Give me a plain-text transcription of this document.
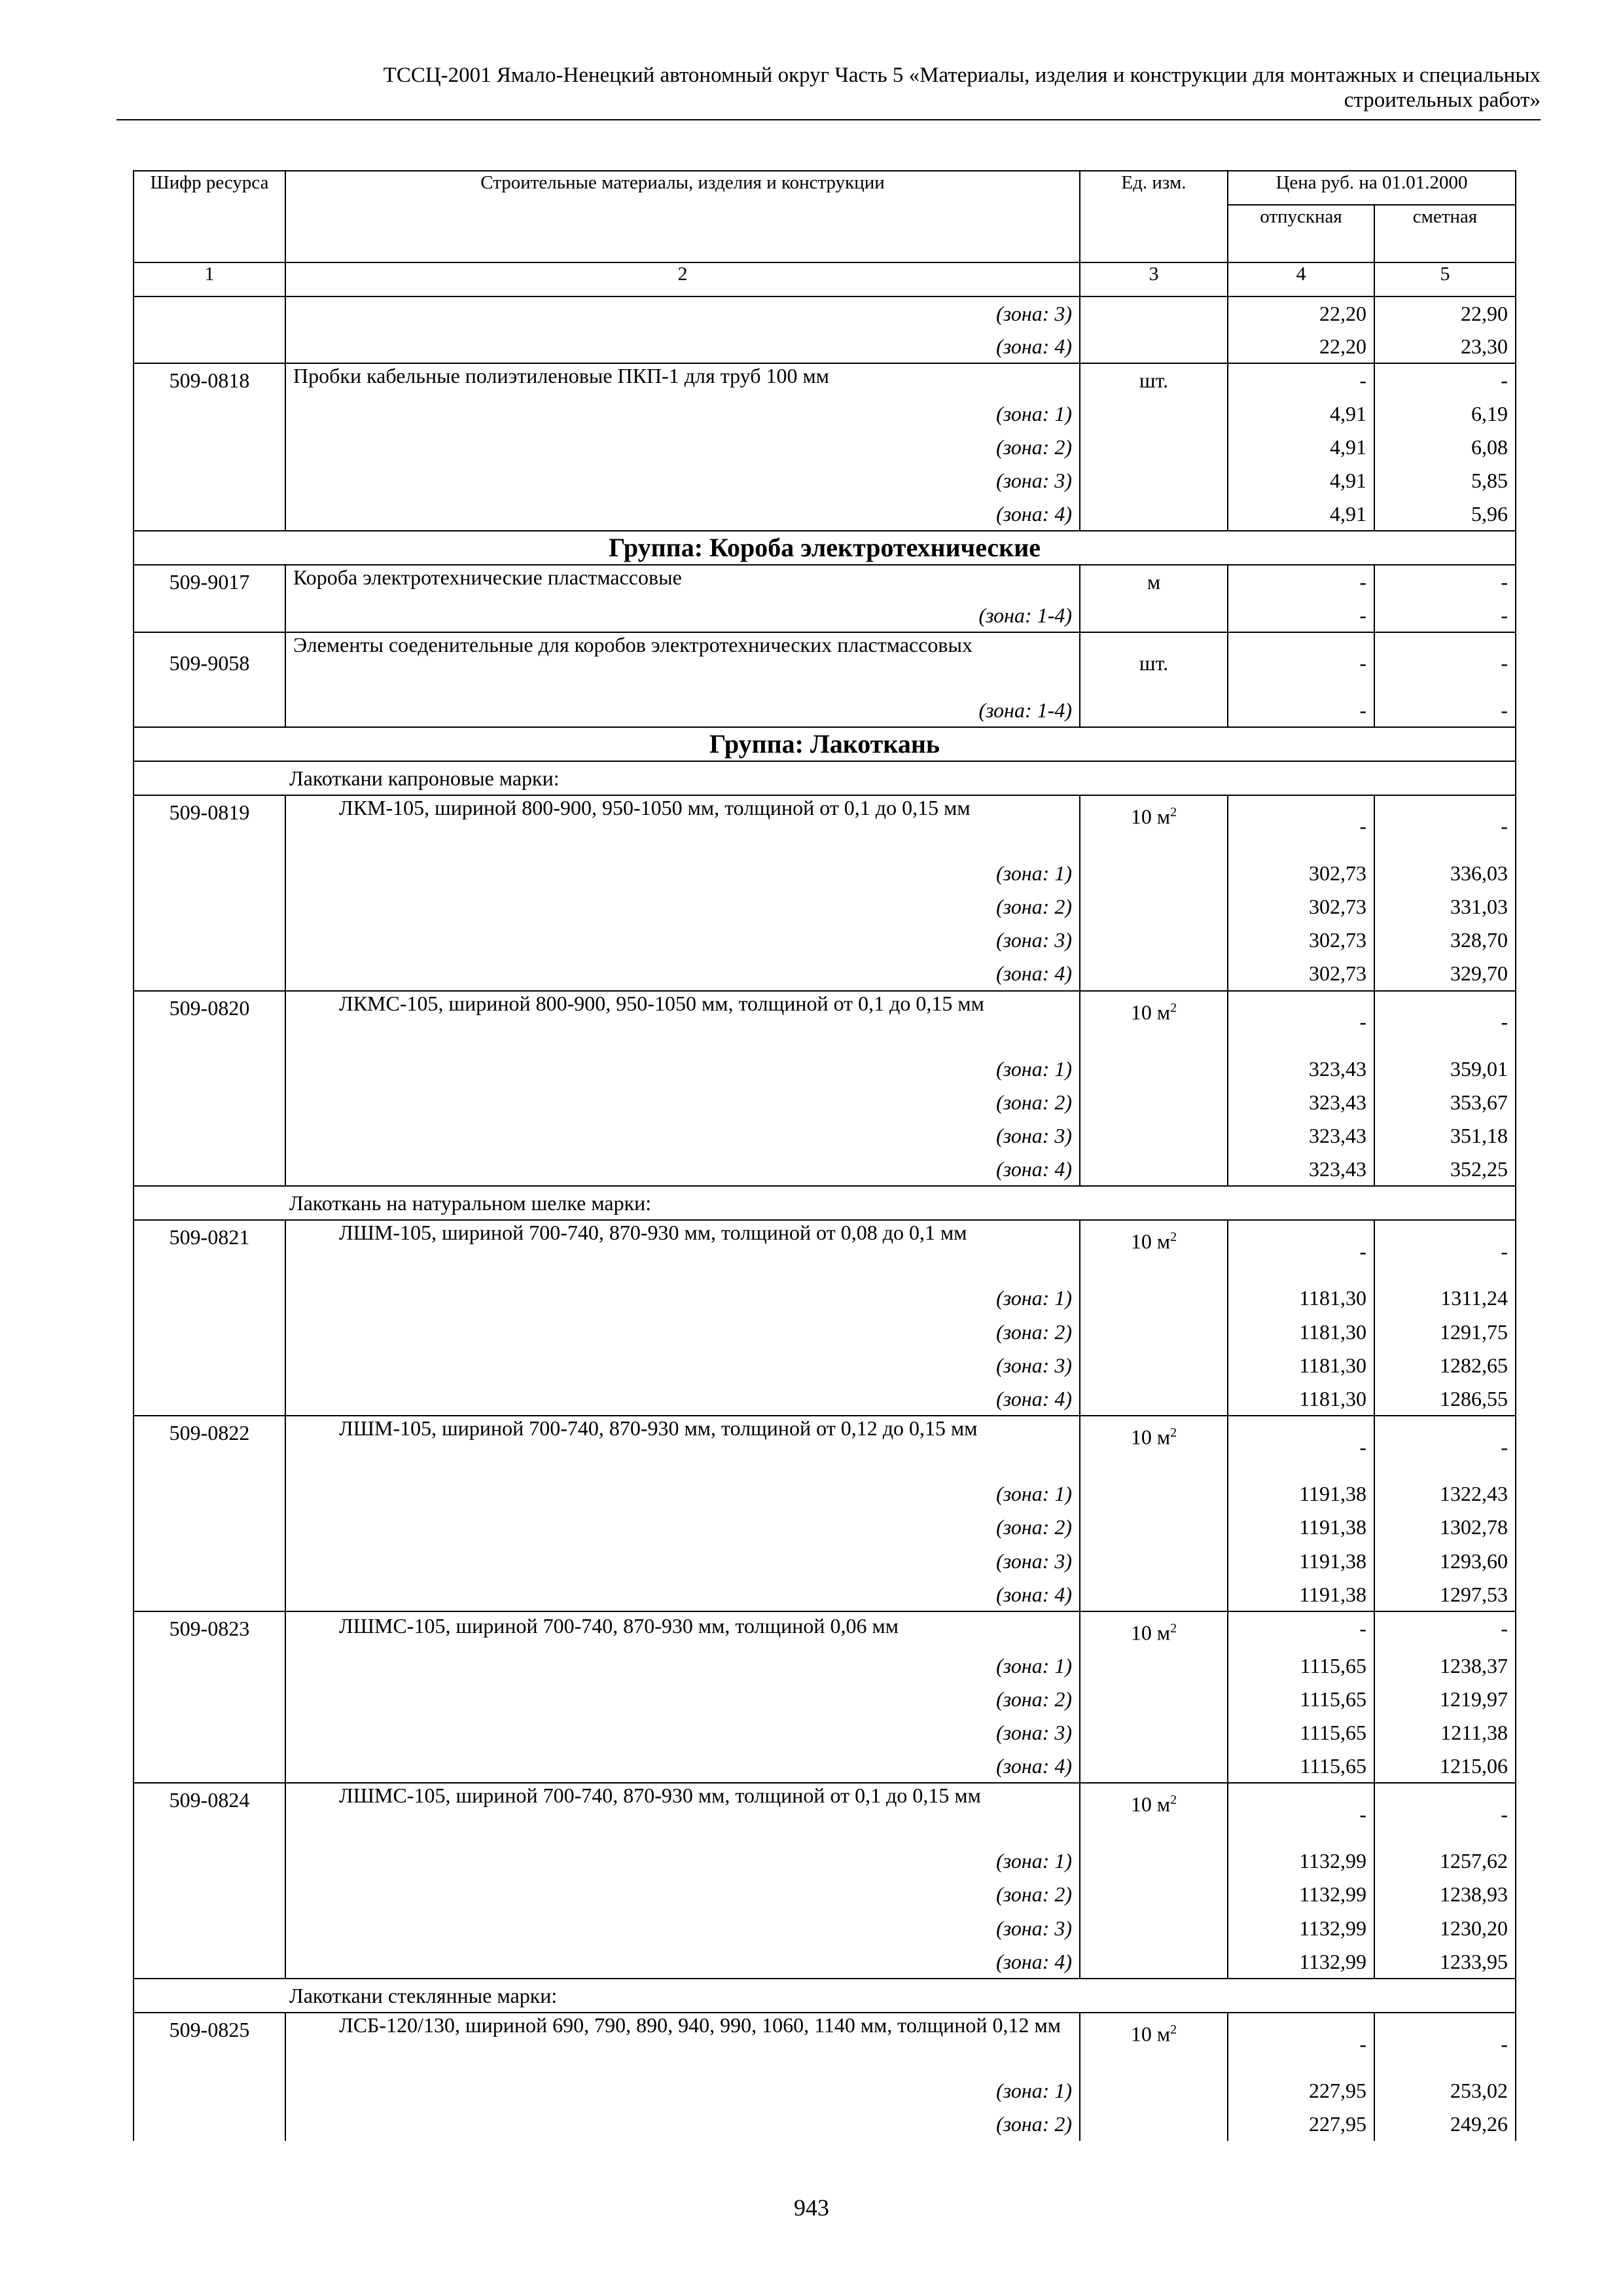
ТССЦ-2001 Ямало-Ненецкий автономный округ Часть 5 «Материалы, изделия и конструкции для монтажных и специальных
строительных работ»
Шифр ресурса	Строительные материалы, изделия и конструкции	Ед. изм.	Цена руб. на 01.01.2000	
			отпускная	сметная
1	2	3	4	5
	(зона: 3)		22,20	22,90
	(зона: 4)		22,20	23,30
509-0818	Пробки кабельные полиэтиленовые ПКП-1 для труб 100 мм	шт.	-	-
	(зона: 1)		4,91	6,19
	(зона: 2)		4,91	6,08
	(зона: 3)		4,91	5,85
	(зона: 4)		4,91	5,96
Группа: Короба электротехнические				
509-9017	Короба электротехнические пластмассовые	м	-	-
	(зона: 1-4)		-	-
509-9058	Элементы соеденительные для коробов электротехнических пластмассовых	шт.	-	-
	(зона: 1-4)		-	-
Группа: Лакоткань				
Лакоткани капроновые марки:				
509-0819	ЛКМ-105, шириной 800-900, 950-1050 мм, толщиной от 0,1 до 0,15 мм	10 $м^2$	-	-
	(зона: 1)		302,73	336,03
	(зона: 2)		302,73	331,03
	(зона: 3)		302,73	328,70
	(зона: 4)		302,73	329,70
509-0820	ЛКМС-105, шириной 800-900, 950-1050 мм, толщиной от 0,1 до 0,15 мм	10 $м^2$	-	-
	(зона: 1)		323,43	359,01
	(зона: 2)		323,43	353,67
	(зона: 3)		323,43	351,18
	(зона: 4)		323,43	352,25
Лакоткань на натуральном шелке марки:				
509-0821	ЛШМ-105, шириной 700-740, 870-930 мм, толщиной от 0,08 до 0,1 мм	10 $м^2$	-	-
	(зона: 1)		1181,30	1311,24
	(зона: 2)		1181,30	1291,75
	(зона: 3)		1181,30	1282,65
	(зона: 4)		1181,30	1286,55
509-0822	ЛШМ-105, шириной 700-740, 870-930 мм, толщиной от 0,12 до 0,15 мм	10 $м^2$	-	-
	(зона: 1)		1191,38	1322,43
	(зона: 2)		1191,38	1302,78
	(зона: 3)		1191,38	1293,60
	(зона: 4)		1191,38	1297,53
509-0823	ЛШМС-105, шириной 700-740, 870-930 мм, толщиной 0,06 мм	10 $м^2$	-	-
	(зона: 1)		1115,65	1238,37
	(зона: 2)		1115,65	1219,97
	(зона: 3)		1115,65	1211,38
	(зона: 4)		1115,65	1215,06
509-0824	ЛШМС-105, шириной 700-740, 870-930 мм, толщиной от 0,1 до 0,15 мм	10 $м^2$	-	-
	(зона: 1)		1132,99	1257,62
	(зона: 2)		1132,99	1238,93
	(зона: 3)		1132,99	1230,20
	(зона: 4)		1132,99	1233,95
Лакоткани стеклянные марки:				
509-0825	ЛСБ-120/130, шириной 690, 790, 890, 940, 990, 1060, 1140 мм, толщиной 0,12 мм	10 $м^2$	-	-
	(зона: 1)		227,95	253,02
	(зона: 2)		227,95	249,26
943
